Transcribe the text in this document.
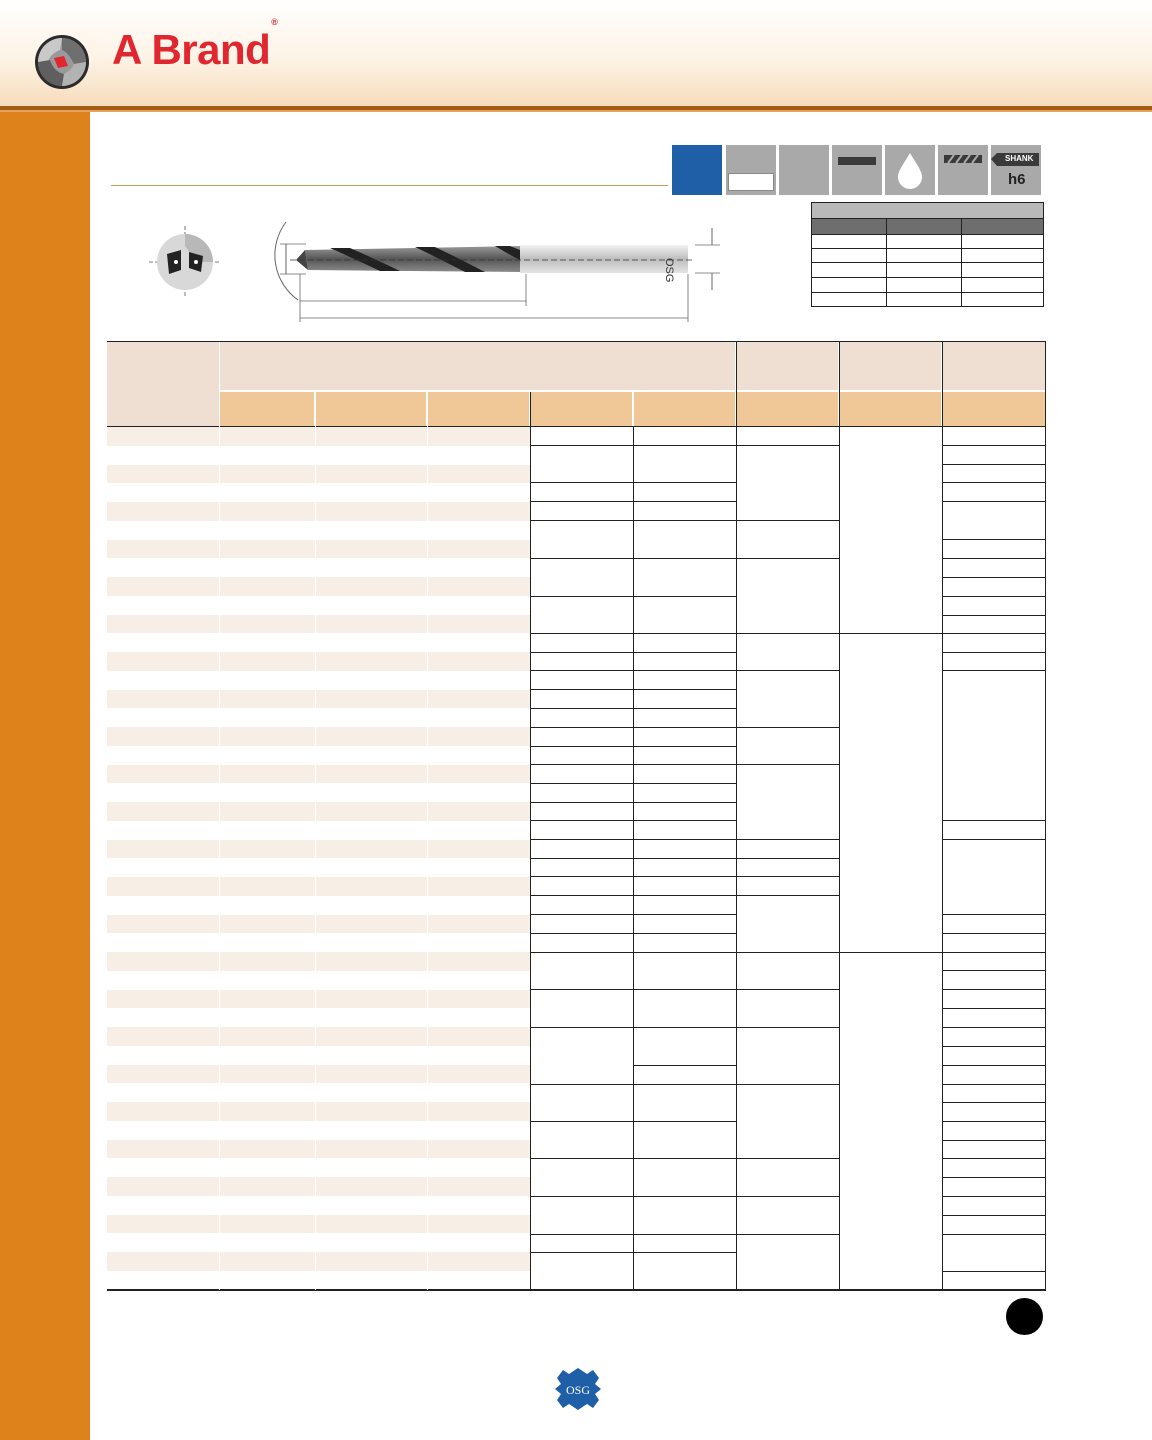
A Brand®
SHANK
h6
OSG
OSG
